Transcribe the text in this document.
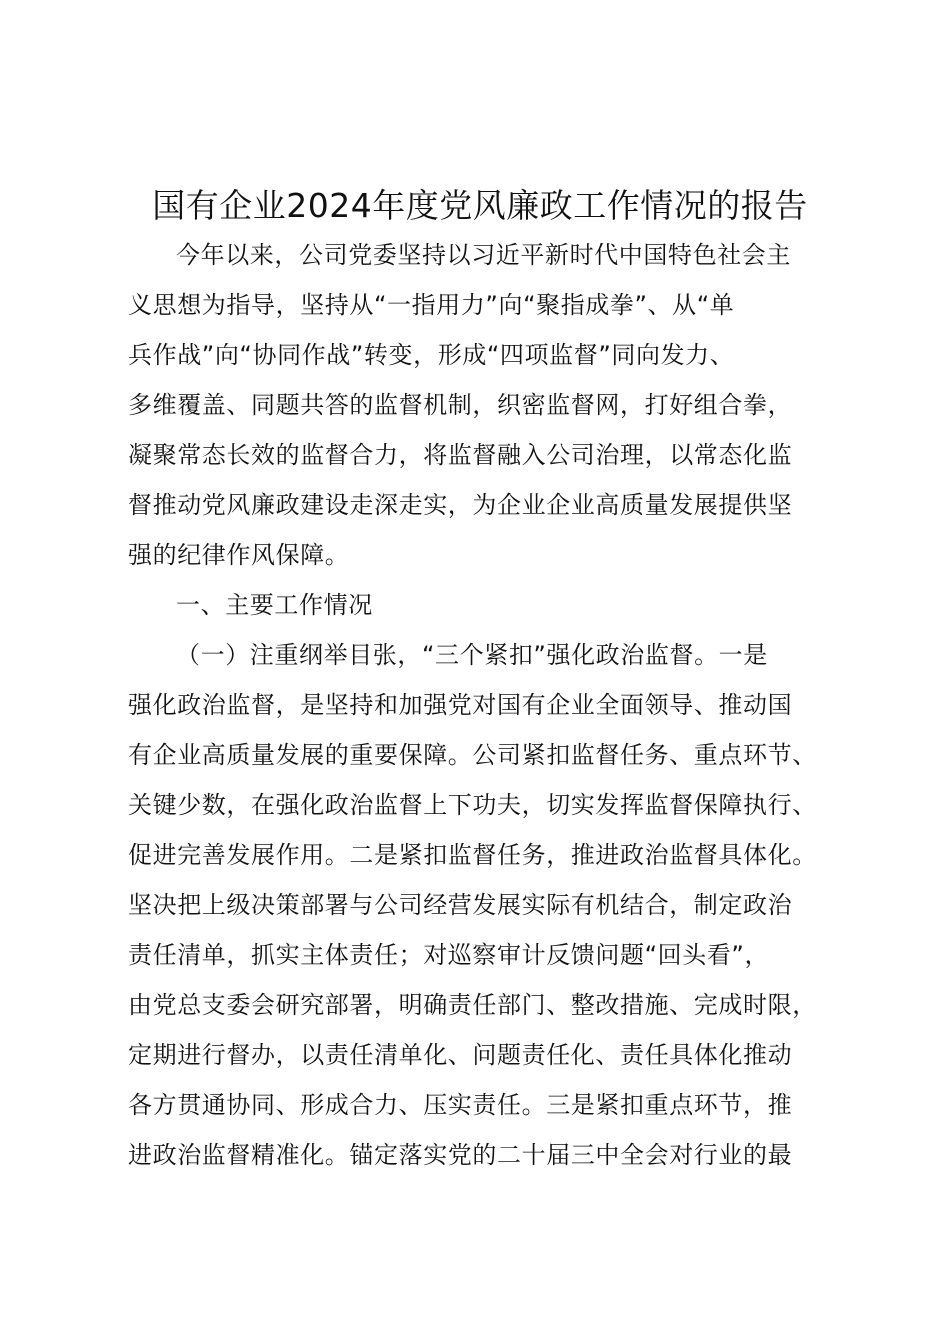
国有企业2024年度党风廉政工作情况的报告
今年以来，公司党委坚持以习近平新时代中国特色社会主
义思想为指导，坚持从“一指用力”向“聚指成拳”、从“单
兵作战”向“协同作战”转变，形成“四项监督”同向发力、
多维覆盖、同题共答的监督机制，织密监督网，打好组合拳，
凝聚常态长效的监督合力，将监督融入公司治理，以常态化监
督推动党风廉政建设走深走实，为企业企业高质量发展提供坚
强的纪律作风保障。
一、主要工作情况
（一）注重纲举目张，“三个紧扣”强化政治监督。一是
强化政治监督，是坚持和加强党对国有企业全面领导、推动国
有企业高质量发展的重要保障。公司紧扣监督任务、重点环节、
关键少数，在强化政治监督上下功夫，切实发挥监督保障执行、
促进完善发展作用。二是紧扣监督任务，推进政治监督具体化。
坚决把上级决策部署与公司经营发展实际有机结合，制定政治
责任清单，抓实主体责任；对巡察审计反馈问题“回头看”，
由党总支委会研究部署，明确责任部门、整改措施、完成时限，
定期进行督办，以责任清单化、问题责任化、责任具体化推动
各方贯通协同、形成合力、压实责任。三是紧扣重点环节，推
进政治监督精准化。锚定落实党的二十届三中全会对行业的最
